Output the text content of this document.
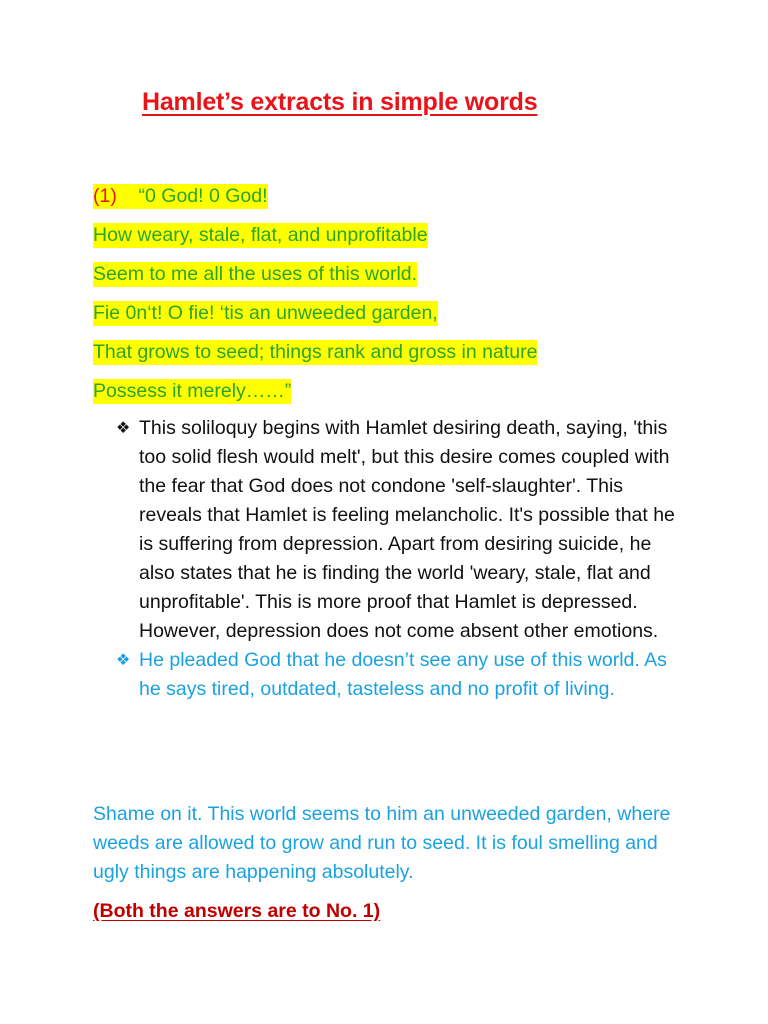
Hamlet’s extracts in simple words
(1) “0 God! 0 God!
How weary, stale, flat, and unprofitable
Seem to me all the uses of this world.
Fie 0n‘t! O fie! ‘tis an unweeded garden,
That grows to seed; things rank and gross in nature
Possess it merely……”
❖ This soliloquy begins with Hamlet desiring death, saying, 'this too solid flesh would melt', but this desire comes coupled with the fear that God does not condone 'self-slaughter'. This reveals that Hamlet is feeling melancholic. It's possible that he is suffering from depression. Apart from desiring suicide, he also states that he is finding the world 'weary, stale, flat and unprofitable'. This is more proof that Hamlet is depressed. However, depression does not come absent other emotions.
❖ He pleaded God that he doesn’t see any use of this world. As he says tired, outdated, tasteless and no profit of living.
Shame on it. This world seems to him an unweeded garden, where weeds are allowed to grow and run to seed. It is foul smelling and ugly things are happening absolutely.
(Both the answers are to No. 1)
